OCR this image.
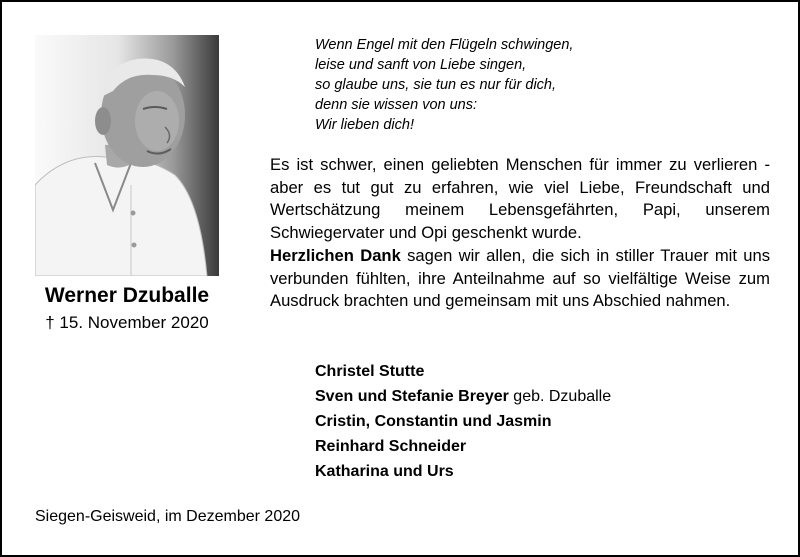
Werner Dzuballe
† 15. November 2020
Wenn Engel mit den Flügeln schwingen,
leise und sanft von Liebe singen,
so glaube uns, sie tun es nur für dich,
denn sie wissen von uns:
Wir lieben dich!
Es ist schwer, einen geliebten Menschen für immer zu verlieren - aber es tut gut zu erfahren, wie viel Liebe, Freundschaft und Wertschätzung meinem Lebensgefährten, Papi, unserem Schwiegervater und Opi geschenkt wurde.
Herzlichen Dank sagen wir allen, die sich in stiller Trauer mit uns verbunden fühlten, ihre Anteilnahme auf so vielfältige Weise zum Ausdruck brachten und gemeinsam mit uns Abschied nahmen.
Christel Stutte
Sven und Stefanie Breyer geb. Dzuballe
Cristin, Constantin und Jasmin
Reinhard Schneider
Katharina und Urs
Siegen-Geisweid, im Dezember 2020
